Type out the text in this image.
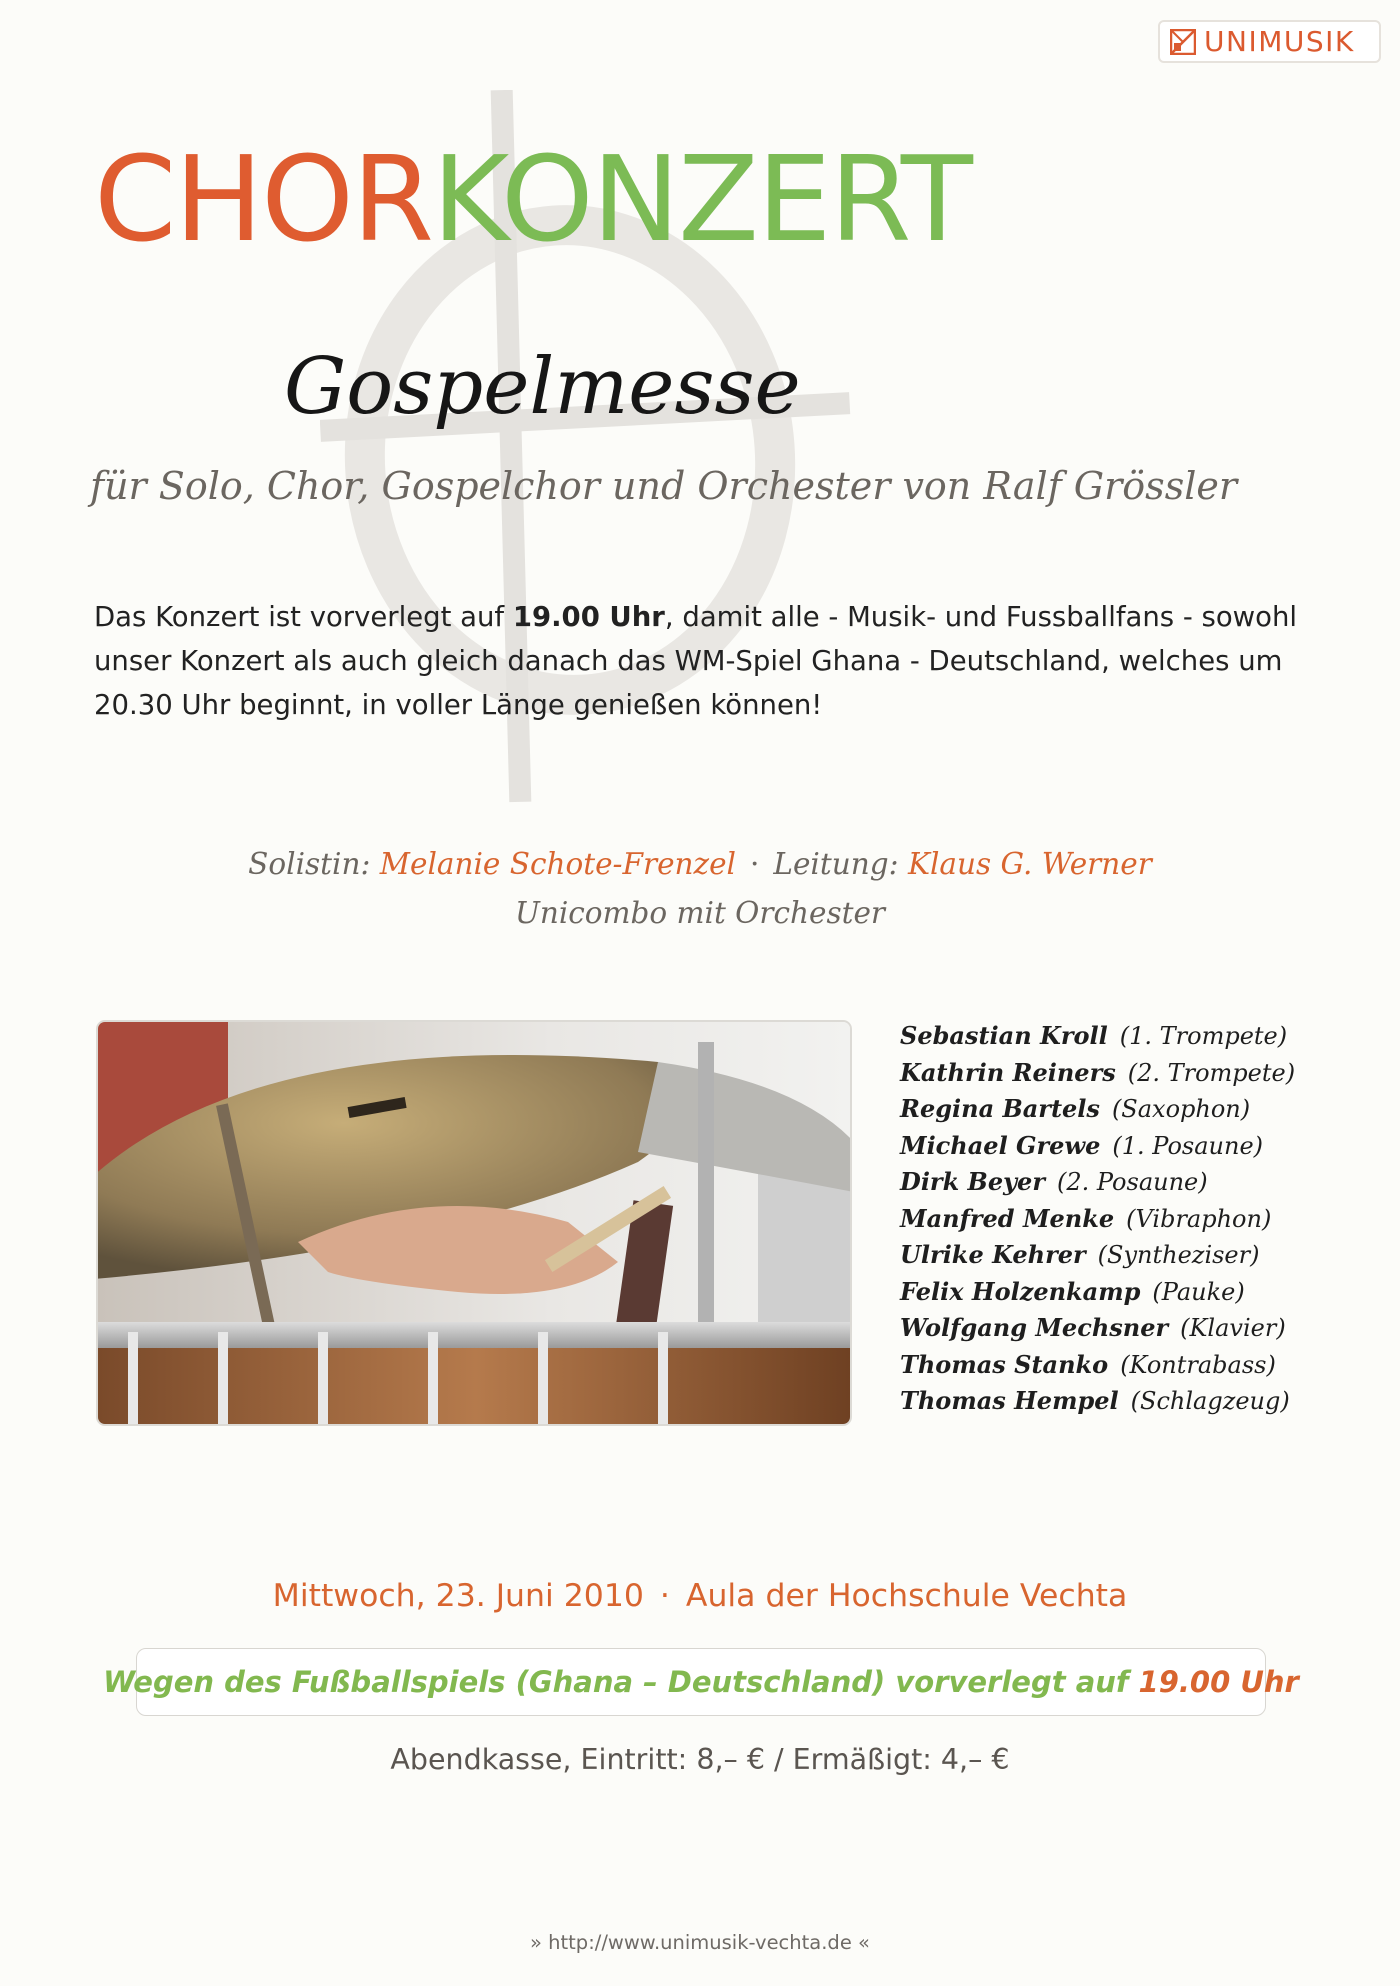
UNIMUSIK
CHORKONZERT
Gospelmesse
für Solo, Chor, Gospelchor und Orchester von Ralf Grössler
Das Konzert ist vorverlegt auf 19.00 Uhr, damit alle - Musik- und Fussballfans - sowohl unser Konzert als auch gleich danach das WM-Spiel Ghana - Deutschland, welches um 20.30 Uhr beginnt, in voller Länge genießen können!
Solistin: Melanie Schote-Frenzel · Leitung: Klaus G. Werner
Unicombo mit Orchester
Sebastian Kroll (1. Trompete)
Kathrin Reiners (2. Trompete)
Regina Bartels (Saxophon)
Michael Grewe (1. Posaune)
Dirk Beyer (2. Posaune)
Manfred Menke (Vibraphon)
Ulrike Kehrer (Syntheziser)
Felix Holzenkamp (Pauke)
Wolfgang Mechsner (Klavier)
Thomas Stanko (Kontrabass)
Thomas Hempel (Schlagzeug)
Mittwoch, 23. Juni 2010 · Aula der Hochschule Vechta
Wegen des Fußballspiels (Ghana – Deutschland) vorverlegt auf 19.00 Uhr
Abendkasse, Eintritt: 8,– € / Ermäßigt: 4,– €
» http://www.unimusik-vechta.de «
